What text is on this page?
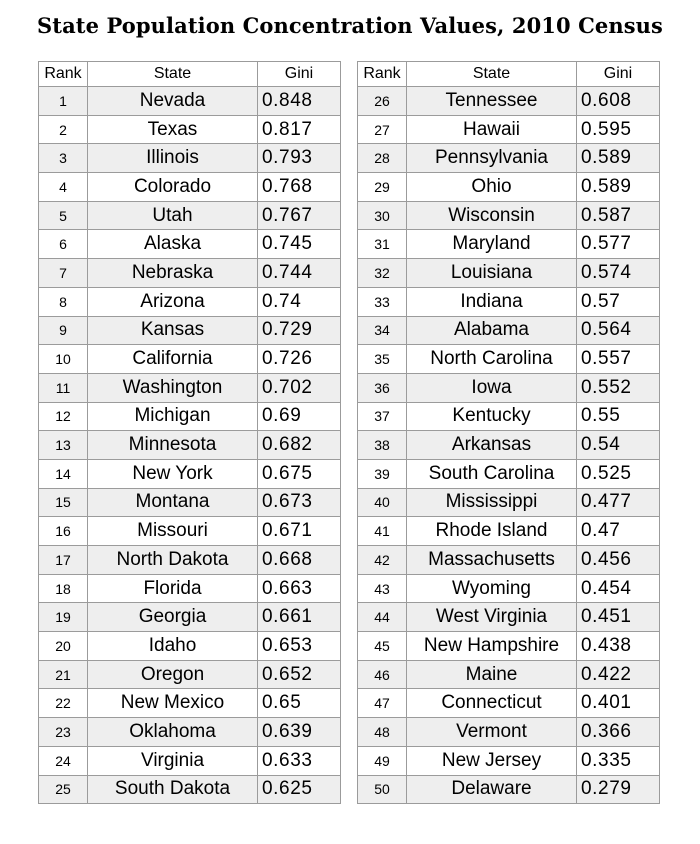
State Population Concentration Values, 2010 Census
Rank	State	Gini
1	Nevada	0.848
2	Texas	0.817
3	Illinois	0.793
4	Colorado	0.768
5	Utah	0.767
6	Alaska	0.745
7	Nebraska	0.744
8	Arizona	0.74
9	Kansas	0.729
10	California	0.726
11	Washington	0.702
12	Michigan	0.69
13	Minnesota	0.682
14	New York	0.675
15	Montana	0.673
16	Missouri	0.671
17	North Dakota	0.668
18	Florida	0.663
19	Georgia	0.661
20	Idaho	0.653
21	Oregon	0.652
22	New Mexico	0.65
23	Oklahoma	0.639
24	Virginia	0.633
25	South Dakota	0.625
Rank	State	Gini
26	Tennessee	0.608
27	Hawaii	0.595
28	Pennsylvania	0.589
29	Ohio	0.589
30	Wisconsin	0.587
31	Maryland	0.577
32	Louisiana	0.574
33	Indiana	0.57
34	Alabama	0.564
35	North Carolina	0.557
36	Iowa	0.552
37	Kentucky	0.55
38	Arkansas	0.54
39	South Carolina	0.525
40	Mississippi	0.477
41	Rhode Island	0.47
42	Massachusetts	0.456
43	Wyoming	0.454
44	West Virginia	0.451
45	New Hampshire	0.438
46	Maine	0.422
47	Connecticut	0.401
48	Vermont	0.366
49	New Jersey	0.335
50	Delaware	0.279
